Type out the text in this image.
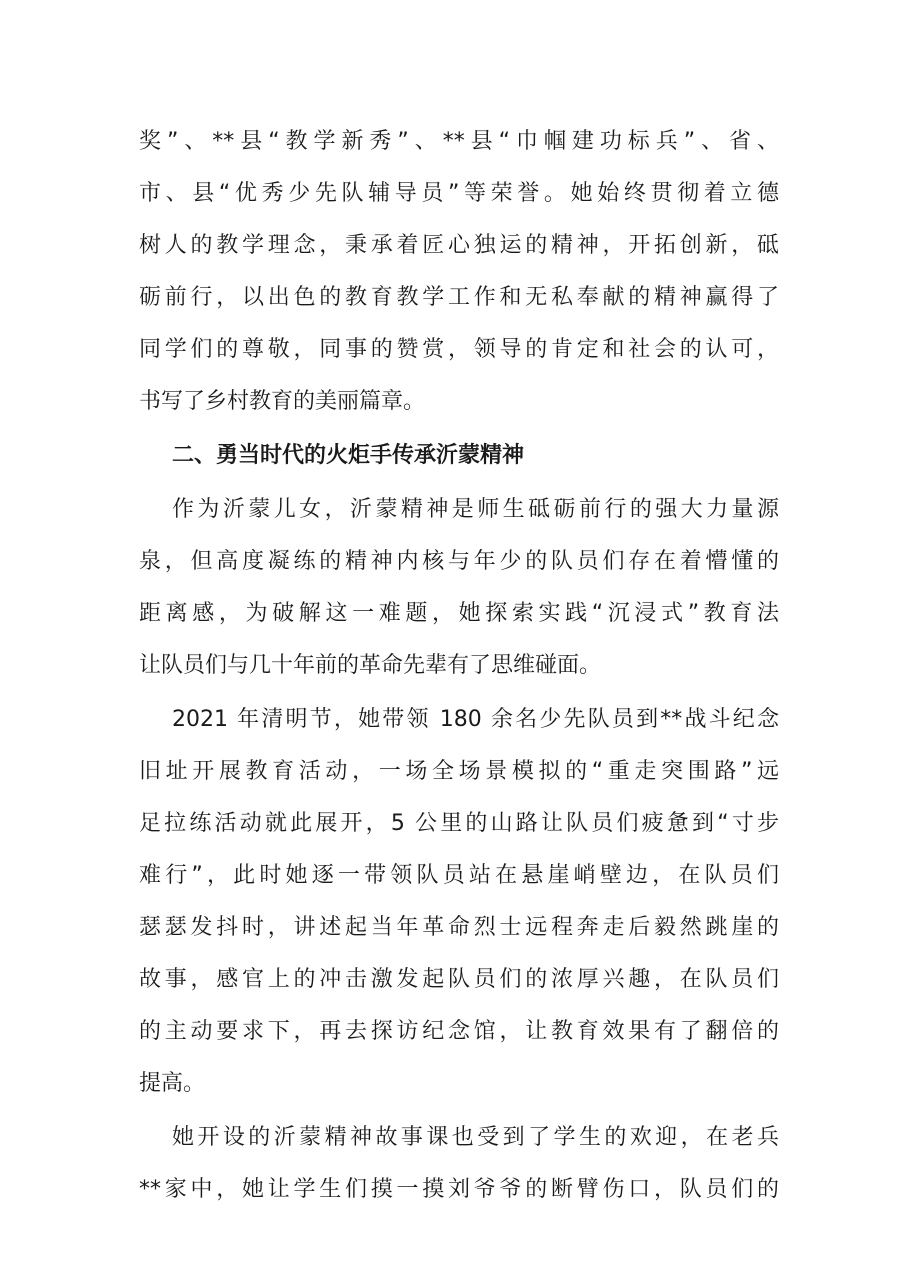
奖”、**县“教学新秀”、**县“巾帼建功标兵”、省、
市、县“优秀少先队辅导员”等荣誉。她始终贯彻着立德
树人的教学理念，秉承着匠心独运的精神，开拓创新，砥
砺前行，以出色的教育教学工作和无私奉献的精神赢得了
同学们的尊敬，同事的赞赏，领导的肯定和社会的认可，
书写了乡村教育的美丽篇章。
二、勇当时代的火炬手传承沂蒙精神
作为沂蒙儿女，沂蒙精神是师生砥砺前行的强大力量源
泉，但高度凝练的精神内核与年少的队员们存在着懵懂的
距离感，为破解这一难题，她探索实践“沉浸式”教育法
让队员们与几十年前的革命先辈有了思维碰面。
2021 年清明节，她带领 180 余名少先队员到**战斗纪念
旧址开展教育活动，一场全场景模拟的“重走突围路”远
足拉练活动就此展开，5 公里的山路让队员们疲惫到“寸步
难行”，此时她逐一带领队员站在悬崖峭壁边，在队员们
瑟瑟发抖时，讲述起当年革命烈士远程奔走后毅然跳崖的
故事，感官上的冲击激发起队员们的浓厚兴趣，在队员们
的主动要求下，再去探访纪念馆，让教育效果有了翻倍的
提高。
她开设的沂蒙精神故事课也受到了学生的欢迎，在老兵
**家中，她让学生们摸一摸刘爷爷的断臂伤口，队员们的
